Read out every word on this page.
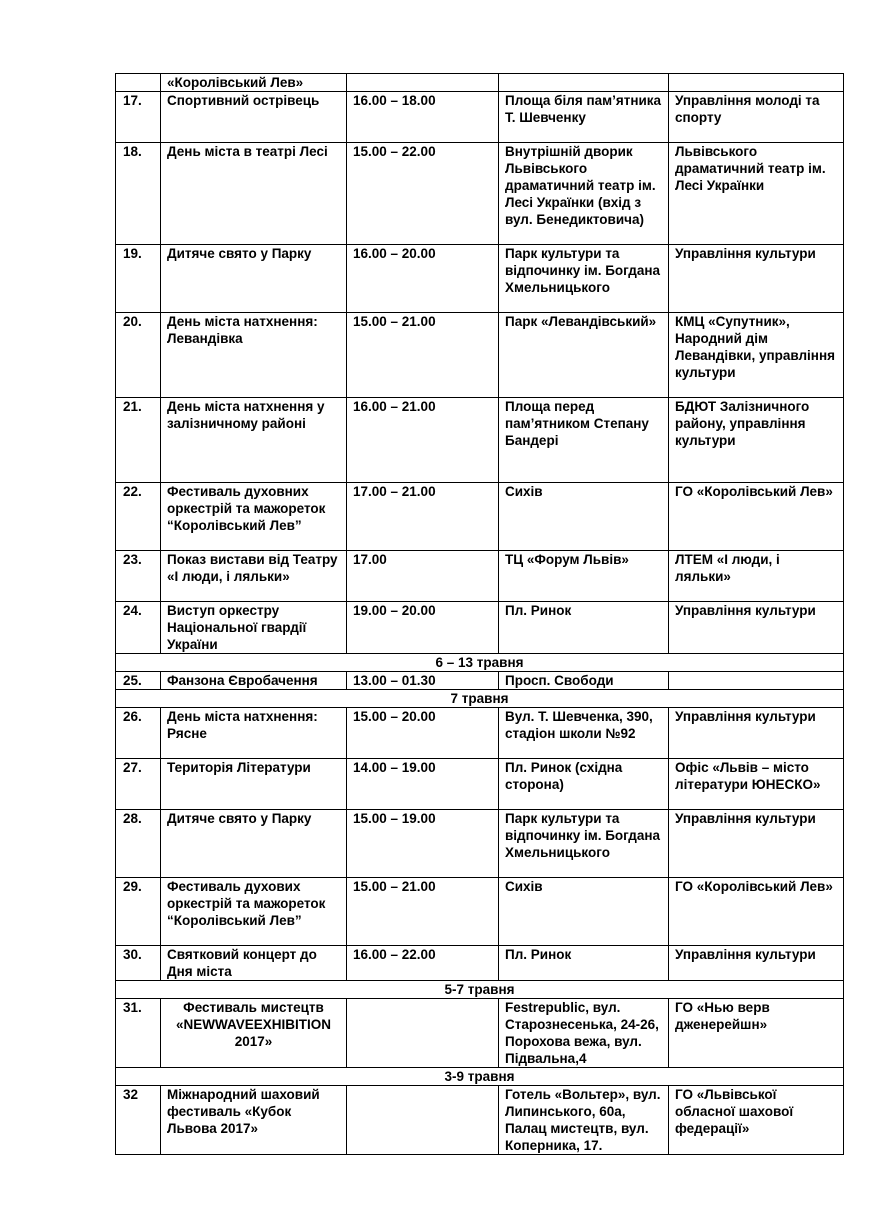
	«Королівський Лев»			
17.	Спортивний острівець	16.00 – 18.00	Площа біля пам’ятника Т. Шевченку	Управління молоді та спорту
18.	День міста в театрі Лесі	15.00 – 22.00	Внутрішній дворик Львівського драматичний театр ім. Лесі Українки (вхід з вул. Бенедиктовича)	Львівського драматичний театр ім. Лесі Українки
19.	Дитяче свято у Парку	16.00 – 20.00	Парк культури та відпочинку ім. Богдана Хмельницького	Управління культури
20.	День міста натхнення: Левандівка	15.00 – 21.00	Парк «Левандівський»	КМЦ «Супутник», Народний дім Левандівки, управління культури
21.	День міста натхнення у залізничному районі	16.00 – 21.00	Площа перед пам’ятником Степану Бандері	БДЮТ Залізничного району, управління культури
22.	Фестиваль духовних оркестрій та мажореток “Королівський Лев”	17.00 – 21.00	Сихів	ГО «Королівський Лев»
23.	Показ вистави від Театру «І люди, і ляльки»	17.00	ТЦ «Форум Львів»	ЛТЕМ «І люди, і ляльки»
24.	Виступ оркестру Національної гвардії України	19.00 – 20.00	Пл. Ринок	Управління культури
6 – 13 травня				
25.	Фанзона Євробачення	13.00 – 01.30	Просп. Свободи	
7 травня				
26.	День міста натхнення: Рясне	15.00 – 20.00	Вул. Т. Шевченка, 390, стадіон школи №92	Управління культури
27.	Територія Літератури	14.00 – 19.00	Пл. Ринок (східна сторона)	Офіс «Львів – місто літератури ЮНЕСКО»
28.	Дитяче свято у Парку	15.00 – 19.00	Парк культури та відпочинку ім. Богдана Хмельницького	Управління культури
29.	Фестиваль духових оркестрій та мажореток “Королівський Лев”	15.00 – 21.00	Сихів	ГО «Королівський Лев»
30.	Святковий концерт до Дня міста	16.00 – 22.00	Пл. Ринок	Управління культури
5-7 травня				
31.	Фестиваль мистецтв «NEWWAVEEXHIBITION 2017»		Festrepublic, вул. Старознесенька, 24-26, Порохова вежа, вул. Підвальна,4	ГО «Нью верв дженерейшн»
3-9 травня				
32	Міжнародний шаховий фестиваль «Кубок Львова 2017»		Готель «Вольтер», вул. Липинського, 60а, Палац мистецтв, вул. Коперника, 17.	ГО «Львівської обласної шахової федерації»
